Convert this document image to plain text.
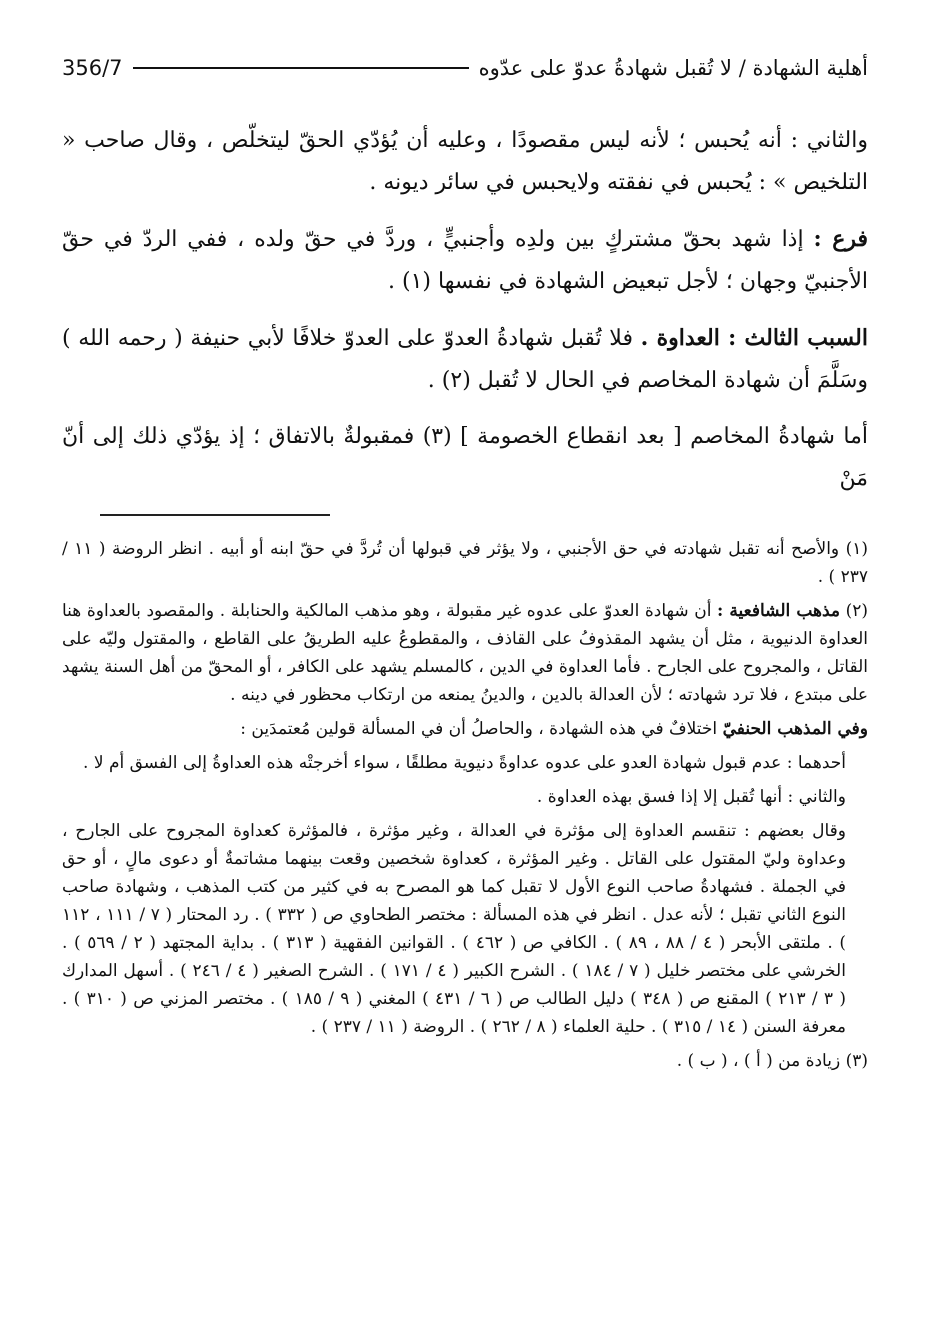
أهلية الشهادة / لا تُقبل شهادةُ عدوّ على عدّوه
356/7

والثاني : أنه يُحبس ؛ لأنه ليس مقصودًا ، وعليه أن يُؤدّي الحقّ ليتخلّص ، وقال صاحب « التلخيص » : يُحبس في نفقته ولايحبس في سائر ديونه .

فرع : إذا شهد بحقّ مشتركٍ بين ولدِه وأجنبيٍّ ، وردَّ في حقّ ولده ، ففي الردّ في حقّ الأجنبيّ وجهان ؛ لأجل تبعيض الشهادة في نفسها (١) .

السبب الثالث : العداوة . فلا تُقبل شهادةُ العدوّ على العدوّ خلافًا لأبي حنيفة ( رحمه الله ) وسَلَّمَ أن شهادة المخاصم في الحال لا تُقبل (٢) .

أما شهادةُ المخاصم [ بعد انقطاع الخصومة ] (٣) فمقبولةٌ بالاتفاق ؛ إذ يؤدّي ذلك إلى أنّ مَنْ

(١) والأصح أنه تقبل شهادته في حق الأجنبي ، ولا يؤثر في قبولها أن تُردَّ في حقّ ابنه أو أبيه . انظر الروضة ( ١١ / ٢٣٧ ) .

(٢) مذهب الشافعية : أن شهادة العدوّ على عدوه غير مقبولة ، وهو مذهب المالكية والحنابلة . والمقصود بالعداوة هنا العداوة الدنيوية ، مثل أن يشهد المقذوفُ على القاذف ، والمقطوعُ عليه الطريقُ على القاطع ، والمقتول وليّه على القاتل ، والمجروح على الجارح . فأما العداوة في الدين ، كالمسلم يشهد على الكافر ، أو المحقّ من أهل السنة يشهد على مبتدع ، فلا ترد شهادته ؛ لأن العدالة بالدين ، والدينُ يمنعه من ارتكاب محظور في دينه .

وفي المذهب الحنفيّ اختلافٌ في هذه الشهادة ، والحاصلُ أن في المسألة قولين مُعتمدَين :

أحدهما : عدم قبول شهادة العدو على عدوه عداوةً دنيوية مطلقًا ، سواء أخرجتْه هذه العداوةُ إلى الفسق أم لا .

والثاني : أنها تُقبل إلا إذا فسق بهذه العداوة .

وقال بعضهم : تنقسم العداوة إلى مؤثرة في العدالة ، وغير مؤثرة ، فالمؤثرة كعداوة المجروح على الجارح ، وعداوة وليّ المقتول على القاتل . وغير المؤثرة ، كعداوة شخصين وقعت بينهما مشاتمةٌ أو دعوى مالٍ ، أو حق في الجملة . فشهادةُ صاحب النوع الأول لا تقبل كما هو المصرح به في كثير من كتب المذهب ، وشهادة صاحب النوع الثاني تقبل ؛ لأنه عدل . انظر في هذه المسألة : مختصر الطحاوي ص ( ٣٣٢ ) . رد المحتار ( ٧ / ١١١ ، ١١٢ ) . ملتقى الأبحر ( ٤ / ٨٨ ، ٨٩ ) . الكافي ص ( ٤٦٢ ) . القوانين الفقهية ( ٣١٣ ) . بداية المجتهد ( ٢ / ٥٦٩ ) . الخرشي على مختصر خليل ( ٧ / ١٨٤ ) . الشرح الكبير ( ٤ / ١٧١ ) . الشرح الصغير ( ٤ / ٢٤٦ ) . أسهل المدارك ( ٣ / ٢١٣ ) المقنع ص ( ٣٤٨ ) دليل الطالب ص ( ٦ / ٤٣١ ) المغني ( ٩ / ١٨٥ ) . مختصر المزني ص ( ٣١٠ ) . معرفة السنن ( ١٤ / ٣١٥ ) . حلية العلماء ( ٨ / ٢٦٢ ) . الروضة ( ١١ / ٢٣٧ ) .

(٣) زيادة من ( أ ) ، ( ب ) .
